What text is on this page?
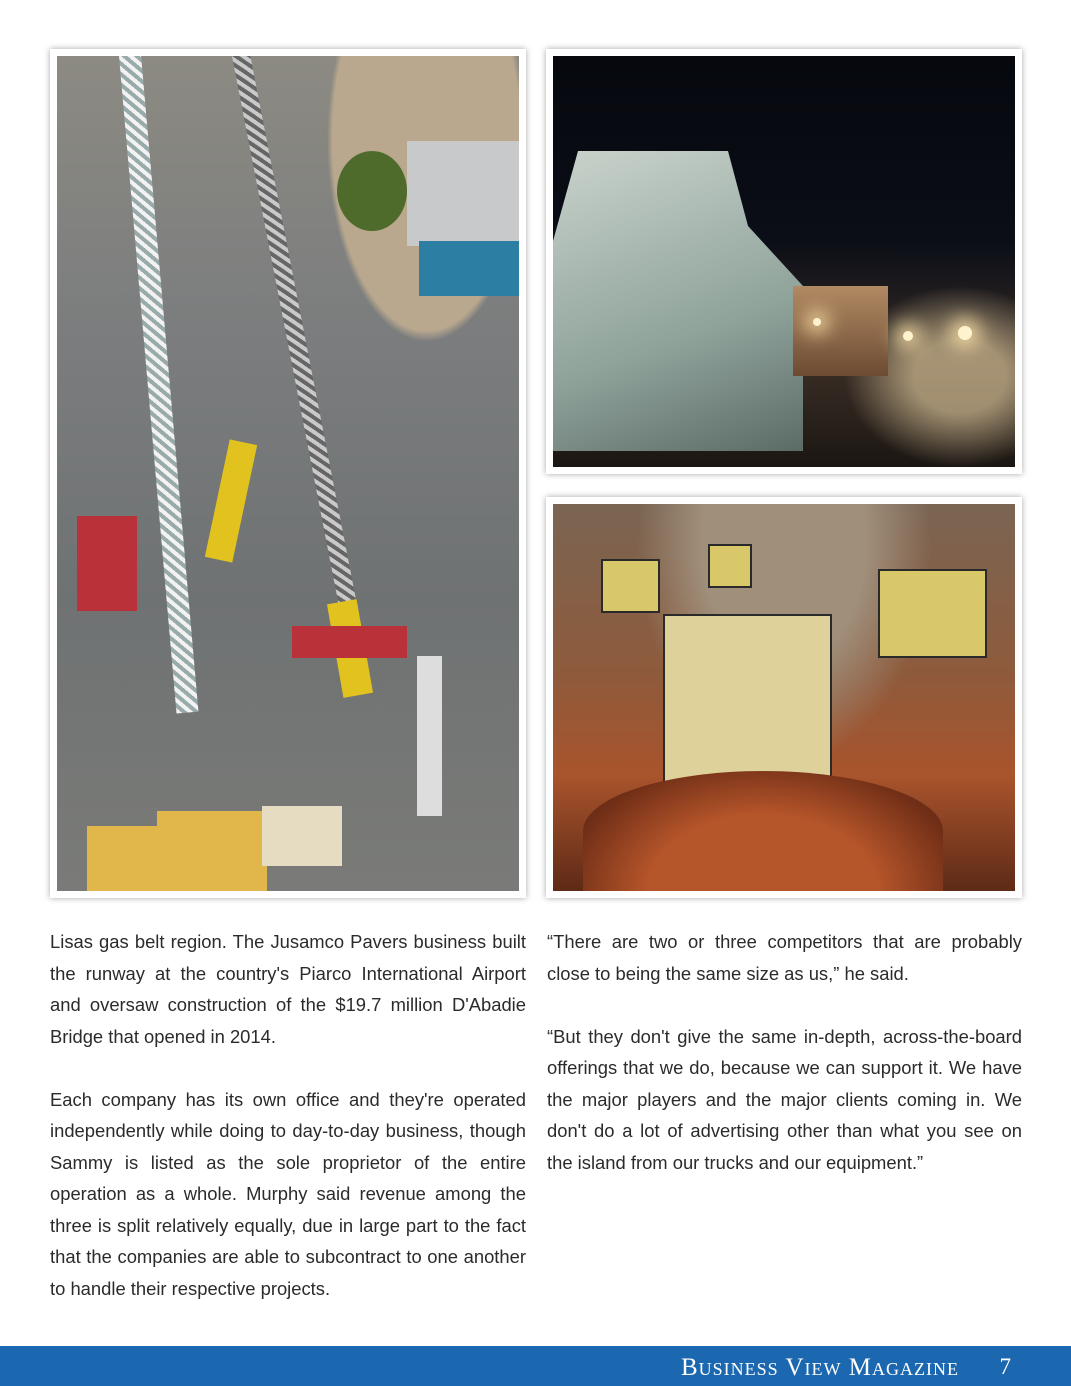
Lisas gas belt region. The Jusamco Pavers business built the runway at the country's Piarco International Airport and oversaw construction of the $19.7 million D'Abadie Bridge that opened in 2014.

Each company has its own office and they're operated independently while doing to day-to-day business, though Sammy is listed as the sole proprietor of the entire operation as a whole. Murphy said revenue among the three is split relatively equally, due in large part to the fact that the companies are able to subcontract to one another to handle their respective projects.

“There are two or three competitors that are probably close to being the same size as us,” he said.

“But they don't give the same in-depth, across-the-board offerings that we do, because we can support it. We have the major players and the major clients coming in. We don't do a lot of advertising other than what you see on the island from our trucks and our equipment.”

Business View Magazine 7
